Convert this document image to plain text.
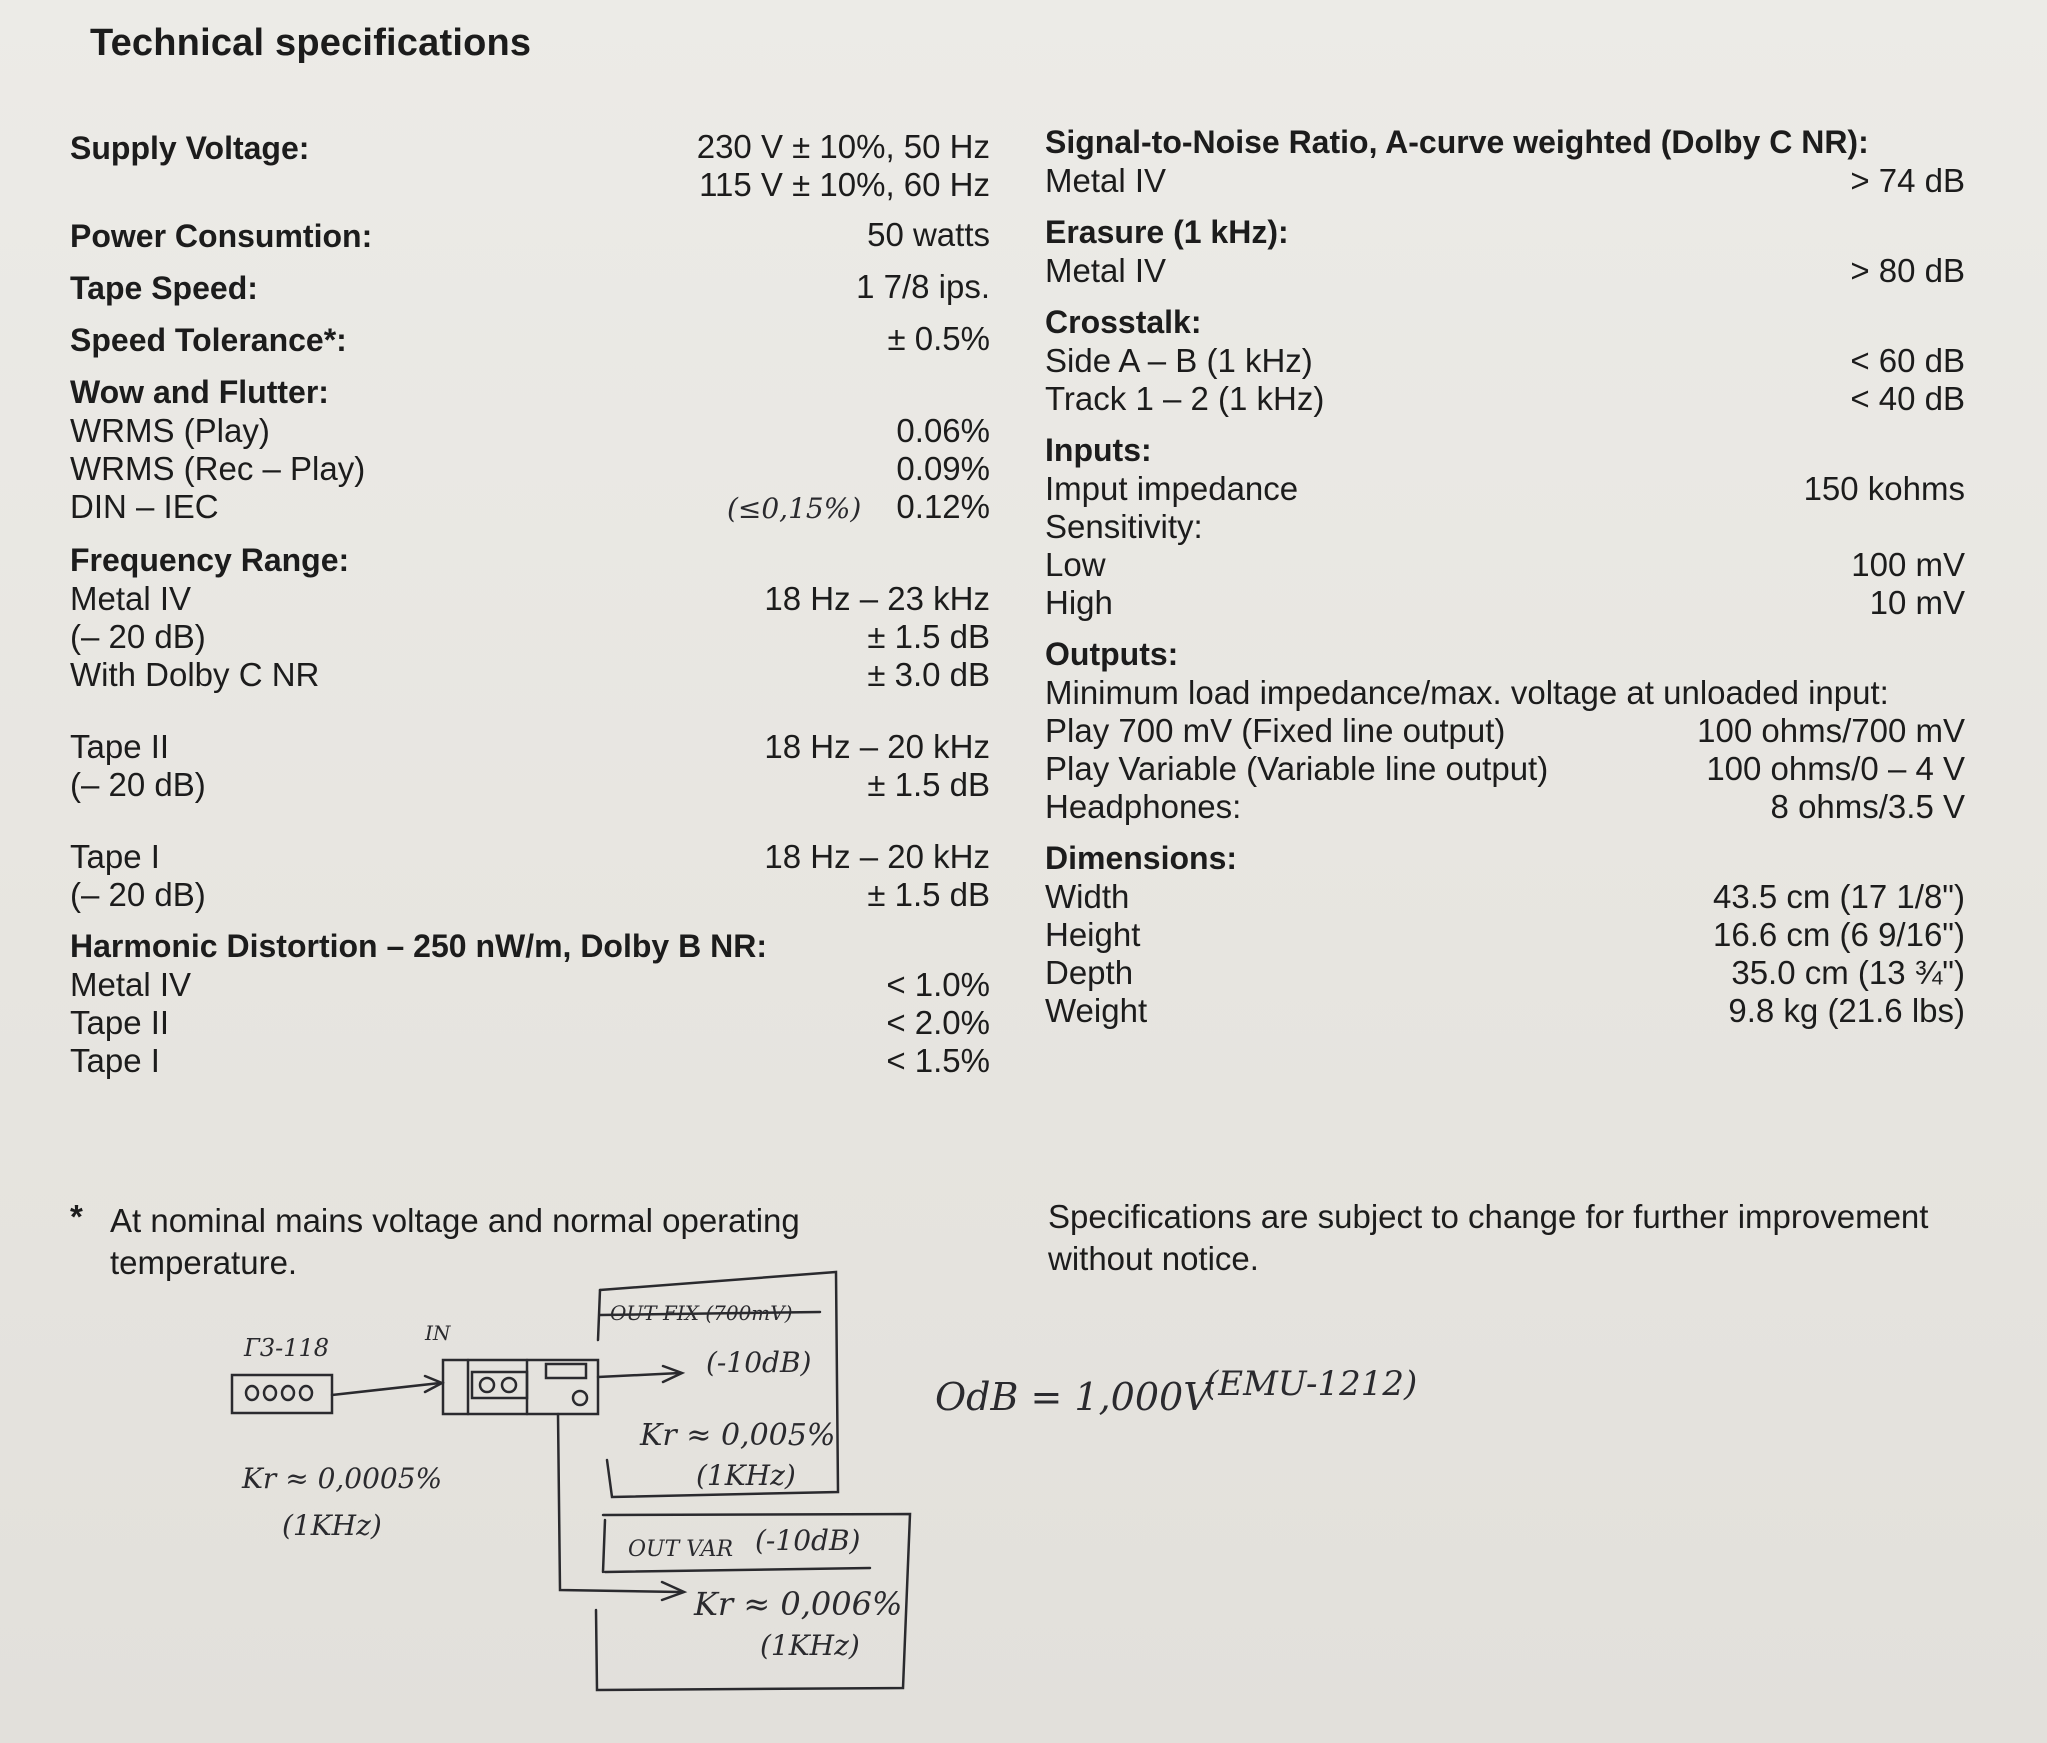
Technical specifications
Supply Voltage:	230 V ± 10%, 50 Hz
115 V ± 10%, 60 Hz
Power Consumtion:	50 watts
Tape Speed:	1 7/8 ips.
Speed Tolerance*:	± 0.5%
Wow and Flutter:
WRMS (Play)	0.06%
WRMS (Rec – Play)	0.09%
DIN – IEC	(≤0,15%) 0.12%
Frequency Range:
Metal IV	18 Hz – 23 kHz
(– 20 dB)	± 1.5 dB
With Dolby C NR	± 3.0 dB
Tape II	18 Hz – 20 kHz
(– 20 dB)	± 1.5 dB
Tape I	18 Hz – 20 kHz
(– 20 dB)	± 1.5 dB
Harmonic Distortion – 250 nW/m, Dolby B NR:
Metal IV	< 1.0%
Tape II	< 2.0%
Tape I	< 1.5%
Signal-to-Noise Ratio, A-curve weighted (Dolby C NR):
Metal IV	> 74 dB
Erasure (1 kHz):
Metal IV	> 80 dB
Crosstalk:
Side A – B (1 kHz)	< 60 dB
Track 1 – 2 (1 kHz)	< 40 dB
Inputs:
Imput impedance	150 kohms
Sensitivity:
Low	100 mV
High	10 mV
Outputs:
Minimum load impedance/max. voltage at unloaded input:
Play 700 mV (Fixed line output)	100 ohms/700 mV
Play Variable (Variable line output)	100 ohms/0 – 4 V
Headphones:	8 ohms/3.5 V
Dimensions:
Width	43.5 cm (17 1/8")
Height	16.6 cm (6 9/16")
Depth	35.0 cm (13 ¾")
Weight	9.8 kg (21.6 lbs)
* At nominal mains voltage and normal operating temperature.
Specifications are subject to change for further improvement without notice.
Г3-118
IN
Kr ≈ 0,0005%
(1KHz)
OUT FIX (700mV)
(-10dB)
Kr ≈ 0,005%
(1KHz)
OUT VAR (-10dB)
Kr ≈ 0,006%
(1KHz)
OdB = 1,000V
(EMU-1212)
